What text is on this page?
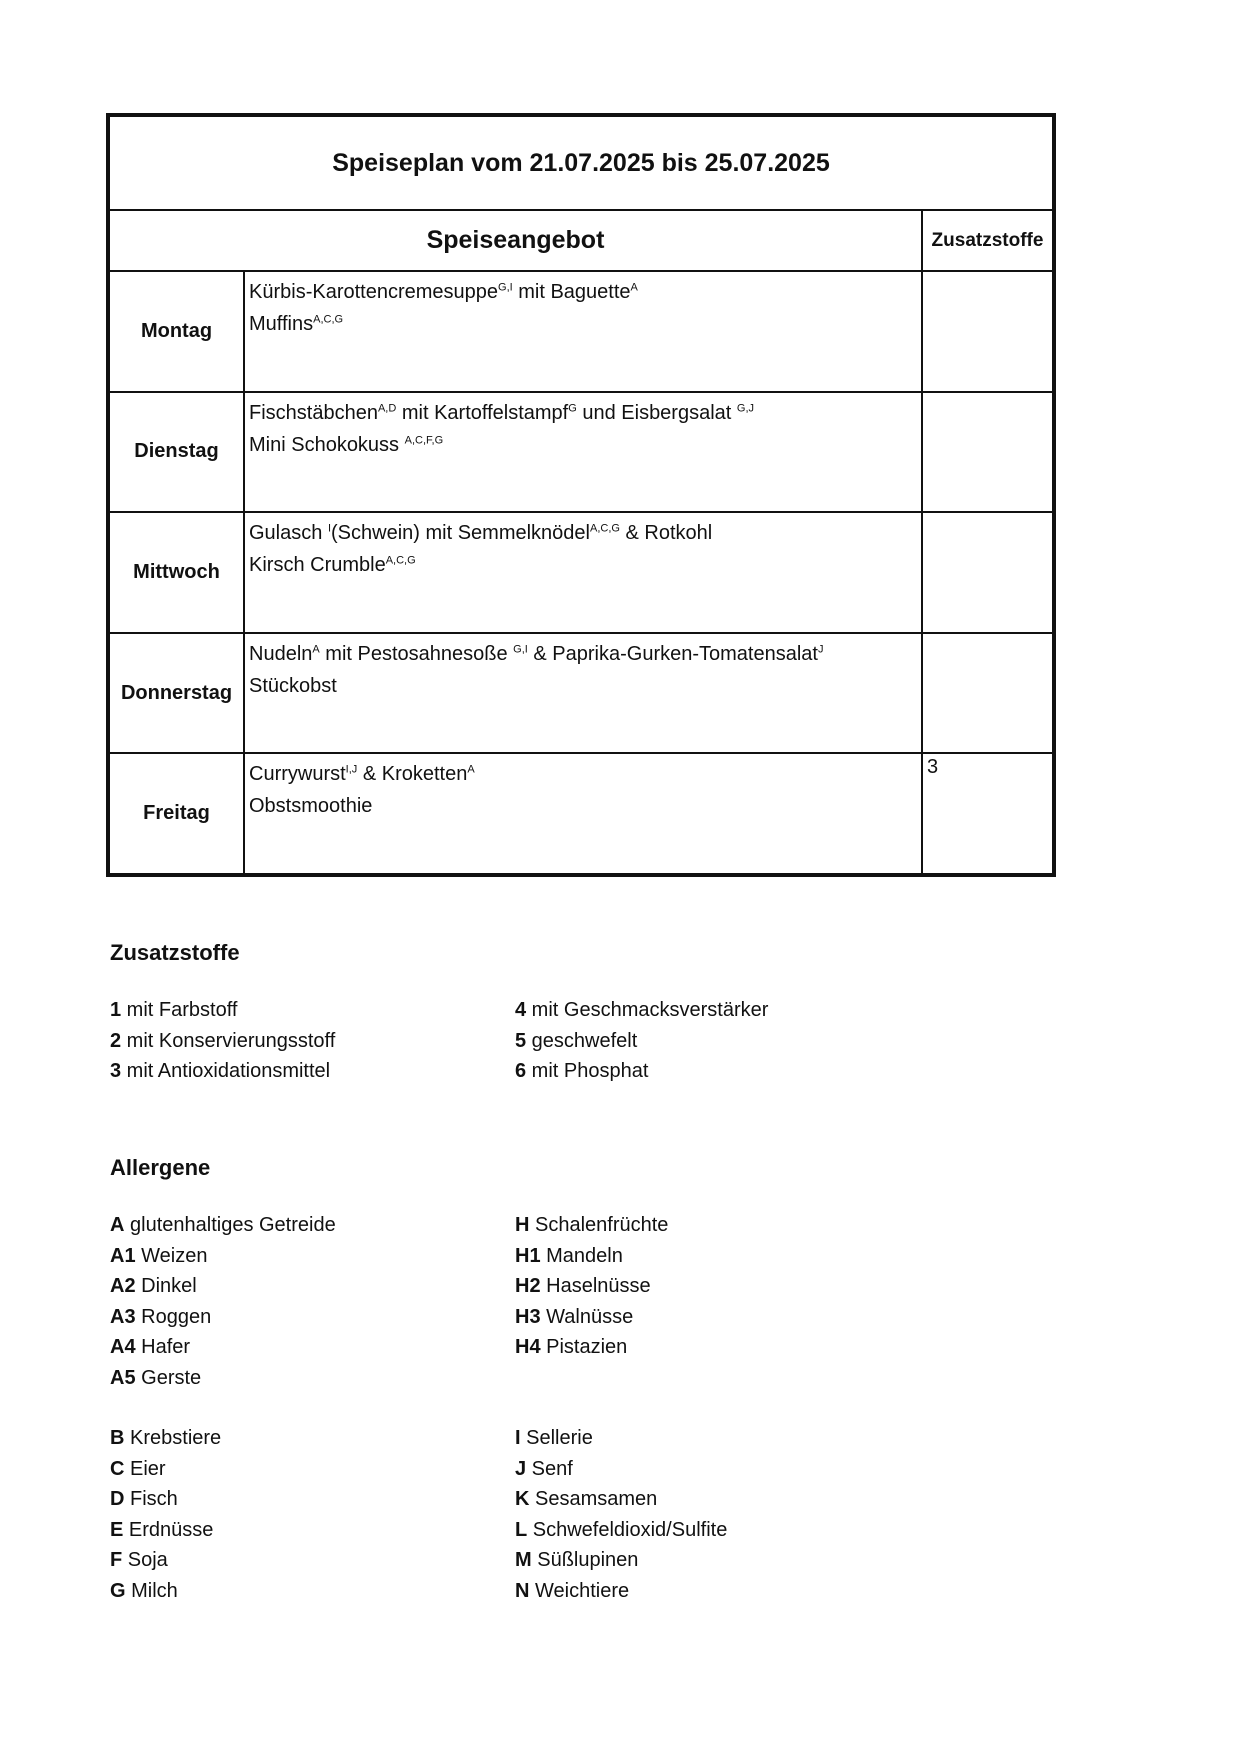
Speiseplan vom 21.07.2025 bis 25.07.2025
Speiseangebot	Zusatzstoffe
Montag
Kürbis-Karottencremesuppe$^{G,I}$ mit Baguette$^A$
Muffins$^{A,C,G}$
Dienstag
Fischstäbchen$^{A,D}$ mit Kartoffelstampf$^G$ und Eisbergsalat $^{G,J}$
Mini Schokokuss $^{A,C,F,G}$
Mittwoch
Gulasch $^I$(Schwein) mit Semmelknödel$^{A,C,G}$ & Rotkohl
Kirsch Crumble$^{A,C,G}$
Donnerstag
Nudeln$^A$ mit Pestosahnesoße $^{G,I}$ & Paprika-Gurken-Tomatensalat$^J$
Stückobst
Freitag
Currywurst$^{I,J}$ & Kroketten$^A$
Obstsmoothie
3
Zusatzstoffe
1 mit Farbstoff
2 mit Konservierungsstoff
3 mit Antioxidationsmittel
4 mit Geschmacksverstärker
5 geschwefelt
6 mit Phosphat
Allergene
A glutenhaltiges Getreide
A1 Weizen
A2 Dinkel
A3 Roggen
A4 Hafer
A5 Gerste
H Schalenfrüchte
H1 Mandeln
H2 Haselnüsse
H3 Walnüsse
H4 Pistazien
B Krebstiere
C Eier
D Fisch
E Erdnüsse
F Soja
G Milch
I Sellerie
J Senf
K Sesamsamen
L Schwefeldioxid/Sulfite
M Süßlupinen
N Weichtiere
